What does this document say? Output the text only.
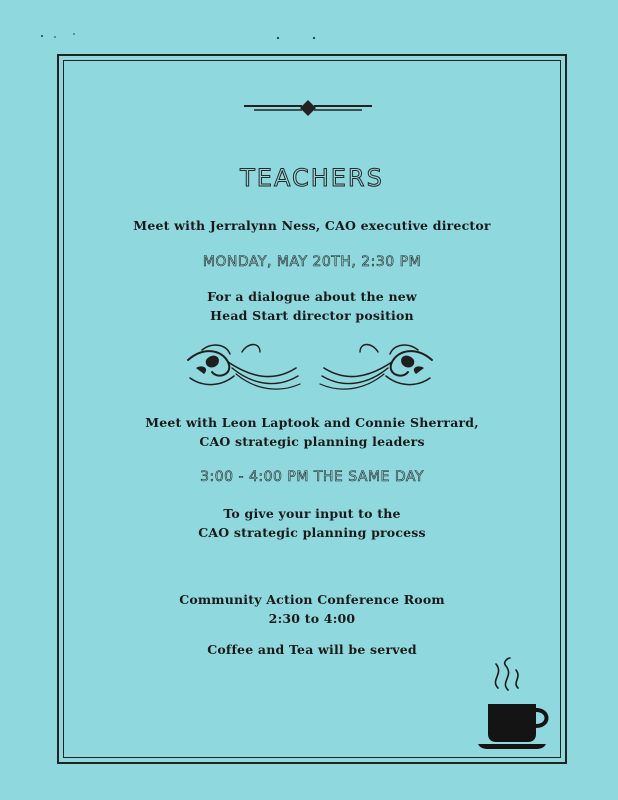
TEACHERS
Meet with Jerralynn Ness, CAO executive director
MONDAY, MAY 20TH, 2:30 PM
For a dialogue about the new
Head Start director position
Meet with Leon Laptook and Connie Sherrard,
CAO strategic planning leaders
3:00 - 4:00 PM THE SAME DAY
To give your input to the
CAO strategic planning process
Community Action Conference Room
2:30 to 4:00
Coffee and Tea will be served
